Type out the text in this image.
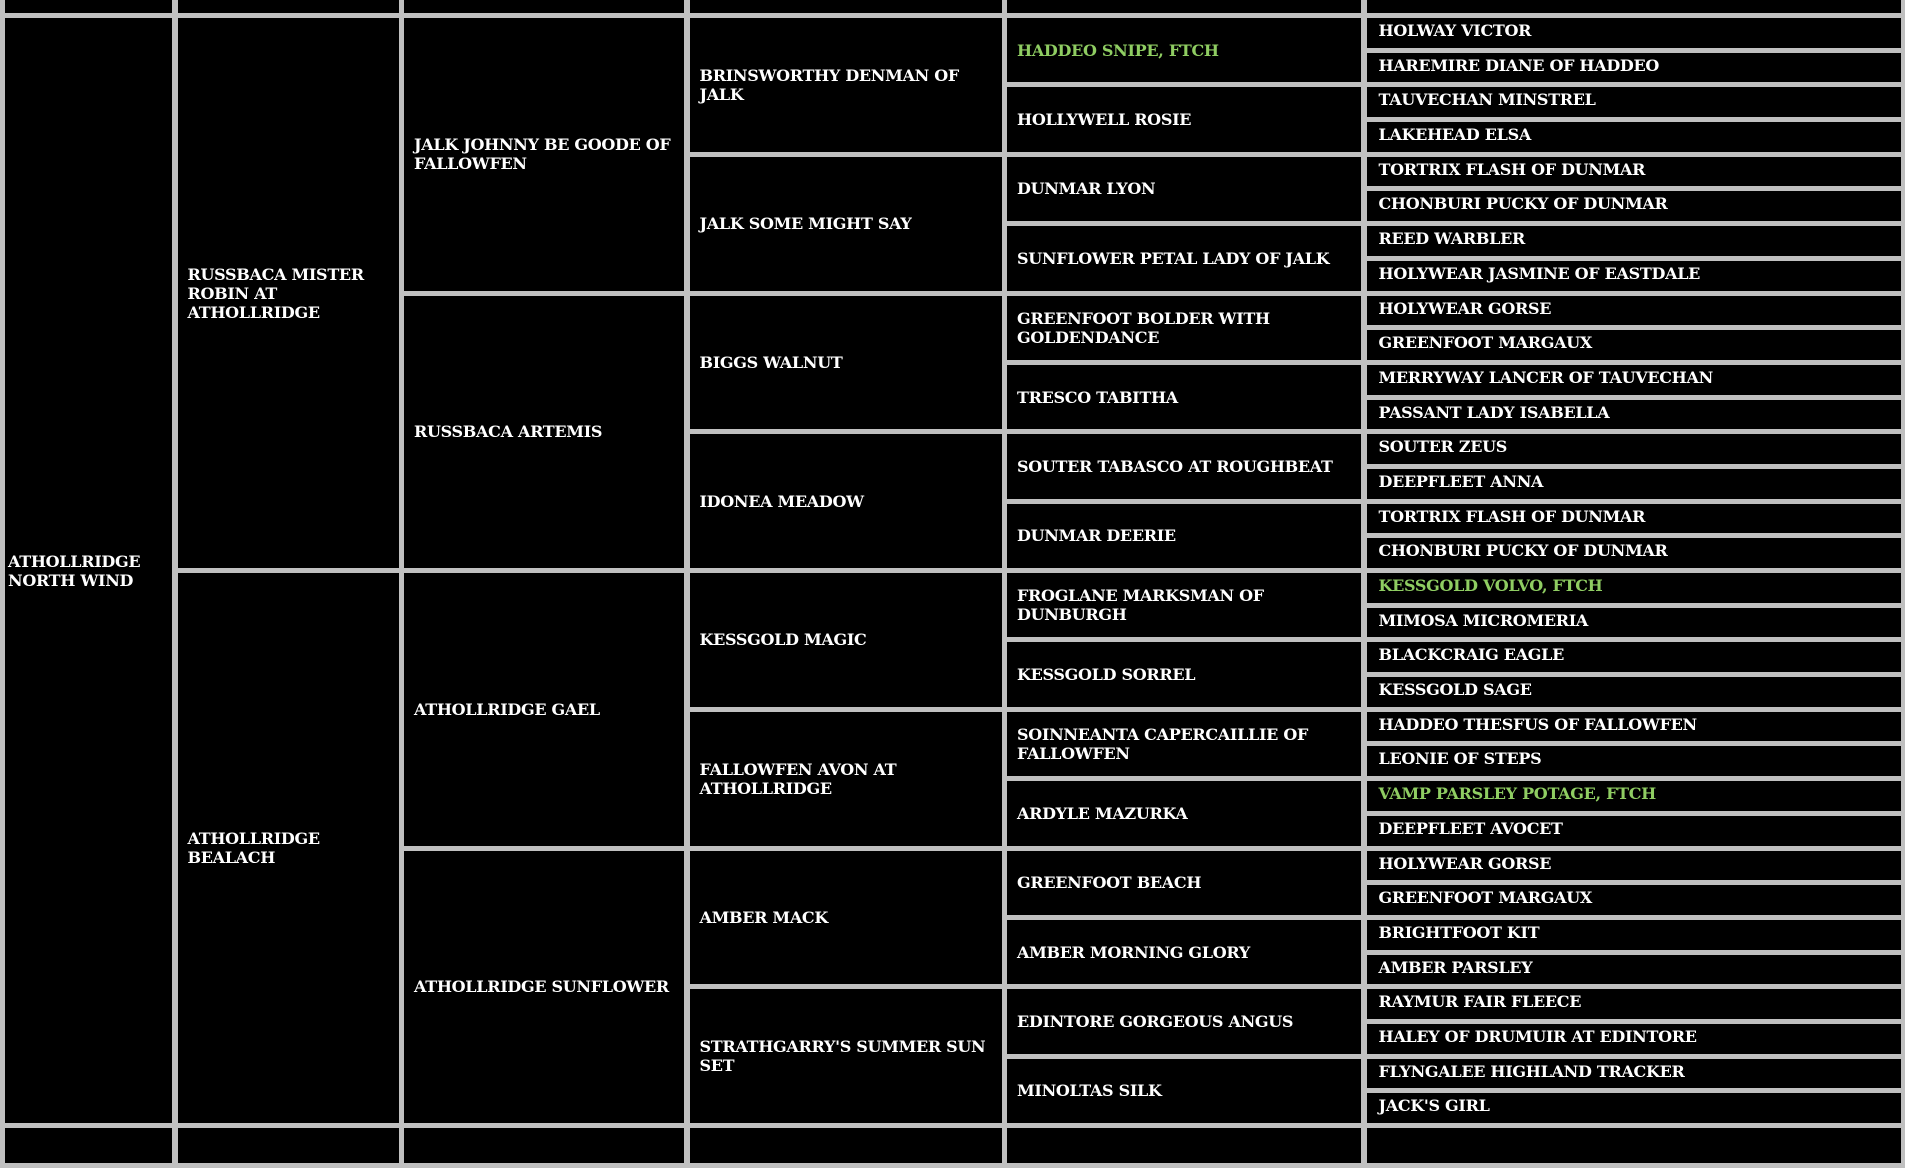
ATHOLLRIDGE NORTH WIND
RUSSBACA MISTER ROBIN AT ATHOLLRIDGE
ATHOLLRIDGE BEALACH
JALK JOHNNY BE GOODE OF FALLOWFEN
RUSSBACA ARTEMIS
ATHOLLRIDGE GAEL
ATHOLLRIDGE SUNFLOWER
BRINSWORTHY DENMAN OF JALK
JALK SOME MIGHT SAY
BIGGS WALNUT
IDONEA MEADOW
KESSGOLD MAGIC
FALLOWFEN AVON AT ATHOLLRIDGE
AMBER MACK
STRATHGARRY'S SUMMER SUN SET
HADDEO SNIPE, FTCH
HOLLYWELL ROSIE
DUNMAR LYON
SUNFLOWER PETAL LADY OF JALK
GREENFOOT BOLDER WITH GOLDENDANCE
TRESCO TABITHA
SOUTER TABASCO AT ROUGHBEAT
DUNMAR DEERIE
FROGLANE MARKSMAN OF DUNBURGH
KESSGOLD SORREL
SOINNEANTA CAPERCAILLIE OF FALLOWFEN
ARDYLE MAZURKA
GREENFOOT BEACH
AMBER MORNING GLORY
EDINTORE GORGEOUS ANGUS
MINOLTAS SILK
HOLWAY VICTOR
HAREMIRE DIANE OF HADDEO
TAUVECHAN MINSTREL
LAKEHEAD ELSA
TORTRIX FLASH OF DUNMAR
CHONBURI PUCKY OF DUNMAR
REED WARBLER
HOLYWEAR JASMINE OF EASTDALE
HOLYWEAR GORSE
GREENFOOT MARGAUX
MERRYWAY LANCER OF TAUVECHAN
PASSANT LADY ISABELLA
SOUTER ZEUS
DEEPFLEET ANNA
TORTRIX FLASH OF DUNMAR
CHONBURI PUCKY OF DUNMAR
KESSGOLD VOLVO, FTCH
MIMOSA MICROMERIA
BLACKCRAIG EAGLE
KESSGOLD SAGE
HADDEO THESFUS OF FALLOWFEN
LEONIE OF STEPS
VAMP PARSLEY POTAGE, FTCH
DEEPFLEET AVOCET
HOLYWEAR GORSE
GREENFOOT MARGAUX
BRIGHTFOOT KIT
AMBER PARSLEY
RAYMUR FAIR FLEECE
HALEY OF DRUMUIR AT EDINTORE
FLYNGALEE HIGHLAND TRACKER
JACK'S GIRL
